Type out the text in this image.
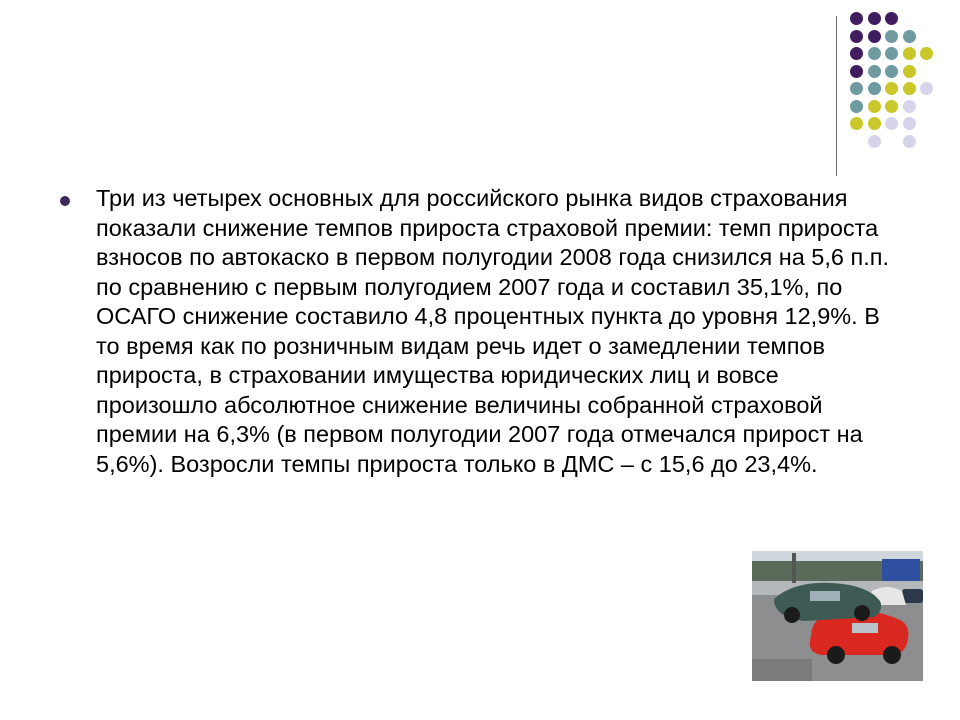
Три из четырех основных для российского рынка видов страхования показали снижение темпов прироста страховой премии: темп прироста взносов по автокаско в первом полугодии 2008 года снизился на 5,6 п.п. по сравнению с первым полугодием 2007 года и составил 35,1%, по ОСАГО снижение составило 4,8 процентных пункта до уровня 12,9%. В то время как по розничным видам речь идет о замедлении темпов прироста, в страховании имущества юридических лиц и вовсе произошло абсолютное снижение величины собранной страховой премии на 6,3% (в первом полугодии 2007 года отмечался прирост на 5,6%). Возросли темпы прироста только в ДМС – с 15,6 до 23,4%.
